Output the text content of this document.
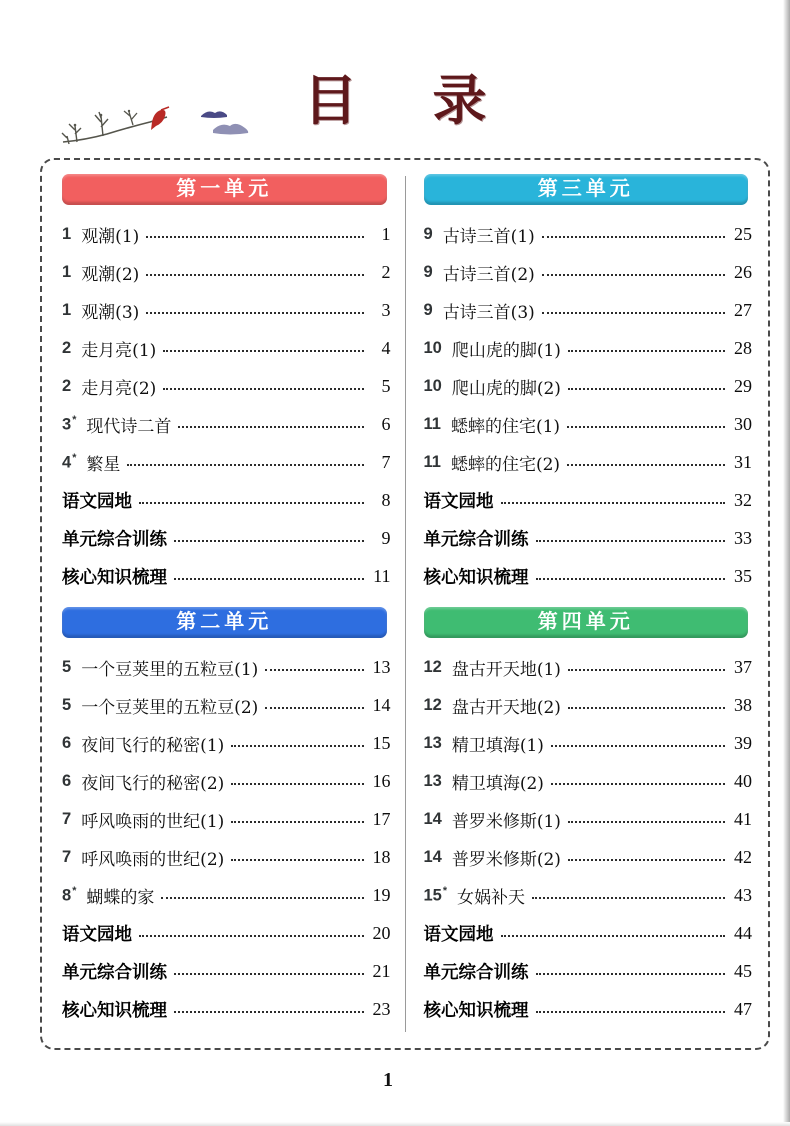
目 录
第一单元
1 观潮(1)	1
1 观潮(2)	2
1 观潮(3)	3
2 走月亮(1)	4
2 走月亮(2)	5
3* 现代诗二首	6
4* 繁星	7
语文园地	8
单元综合训练	9
核心知识梳理	11
第二单元
5 一个豆荚里的五粒豆(1)	13
5 一个豆荚里的五粒豆(2)	14
6 夜间飞行的秘密(1)	15
6 夜间飞行的秘密(2)	16
7 呼风唤雨的世纪(1)	17
7 呼风唤雨的世纪(2)	18
8* 蝴蝶的家	19
语文园地	20
单元综合训练	21
核心知识梳理	23
第三单元
9 古诗三首(1)	25
9 古诗三首(2)	26
9 古诗三首(3)	27
10 爬山虎的脚(1)	28
10 爬山虎的脚(2)	29
11 蟋蟀的住宅(1)	30
11 蟋蟀的住宅(2)	31
语文园地	32
单元综合训练	33
核心知识梳理	35
第四单元
12 盘古开天地(1)	37
12 盘古开天地(2)	38
13 精卫填海(1)	39
13 精卫填海(2)	40
14 普罗米修斯(1)	41
14 普罗米修斯(2)	42
15* 女娲补天	43
语文园地	44
单元综合训练	45
核心知识梳理	47
1
